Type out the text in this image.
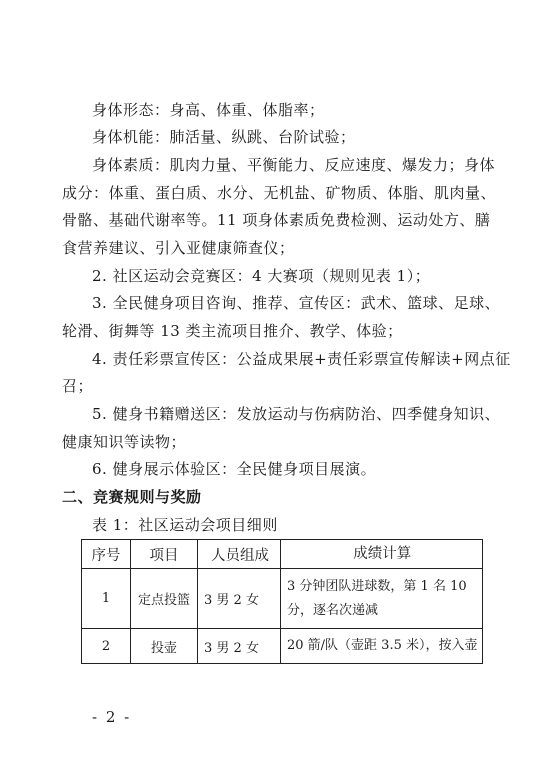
身体形态：身高、体重、体脂率；
身体机能：肺活量、纵跳、台阶试验；
身体素质：肌肉力量、平衡能力、反应速度、爆发力；身体
成分：体重、蛋白质、水分、无机盐、矿物质、体脂、肌肉量、
骨骼、基础代谢率等。11 项身体素质免费检测、运动处方、膳
食营养建议、引入亚健康筛查仪；
2. 社区运动会竞赛区：4 大赛项（规则见表 1）；
3. 全民健身项目咨询、推荐、宣传区：武术、篮球、足球、
轮滑、街舞等 13 类主流项目推介、教学、体验；
4. 责任彩票宣传区：公益成果展+责任彩票宣传解读+网点征
召；
5. 健身书籍赠送区：发放运动与伤病防治、四季健身知识、
健康知识等读物；
6. 健身展示体验区：全民健身项目展演。
二、竞赛规则与奖励
表 1：社区运动会项目细则
序号	项目	人员组成	成绩计算
1	定点投篮	3 男 2 女	3 分钟团队进球数，第 1 名 10 分，逐名次递减
2	投壶	3 男 2 女	20 箭/队（壶距 3.5 米），按入壶
- 2 -
